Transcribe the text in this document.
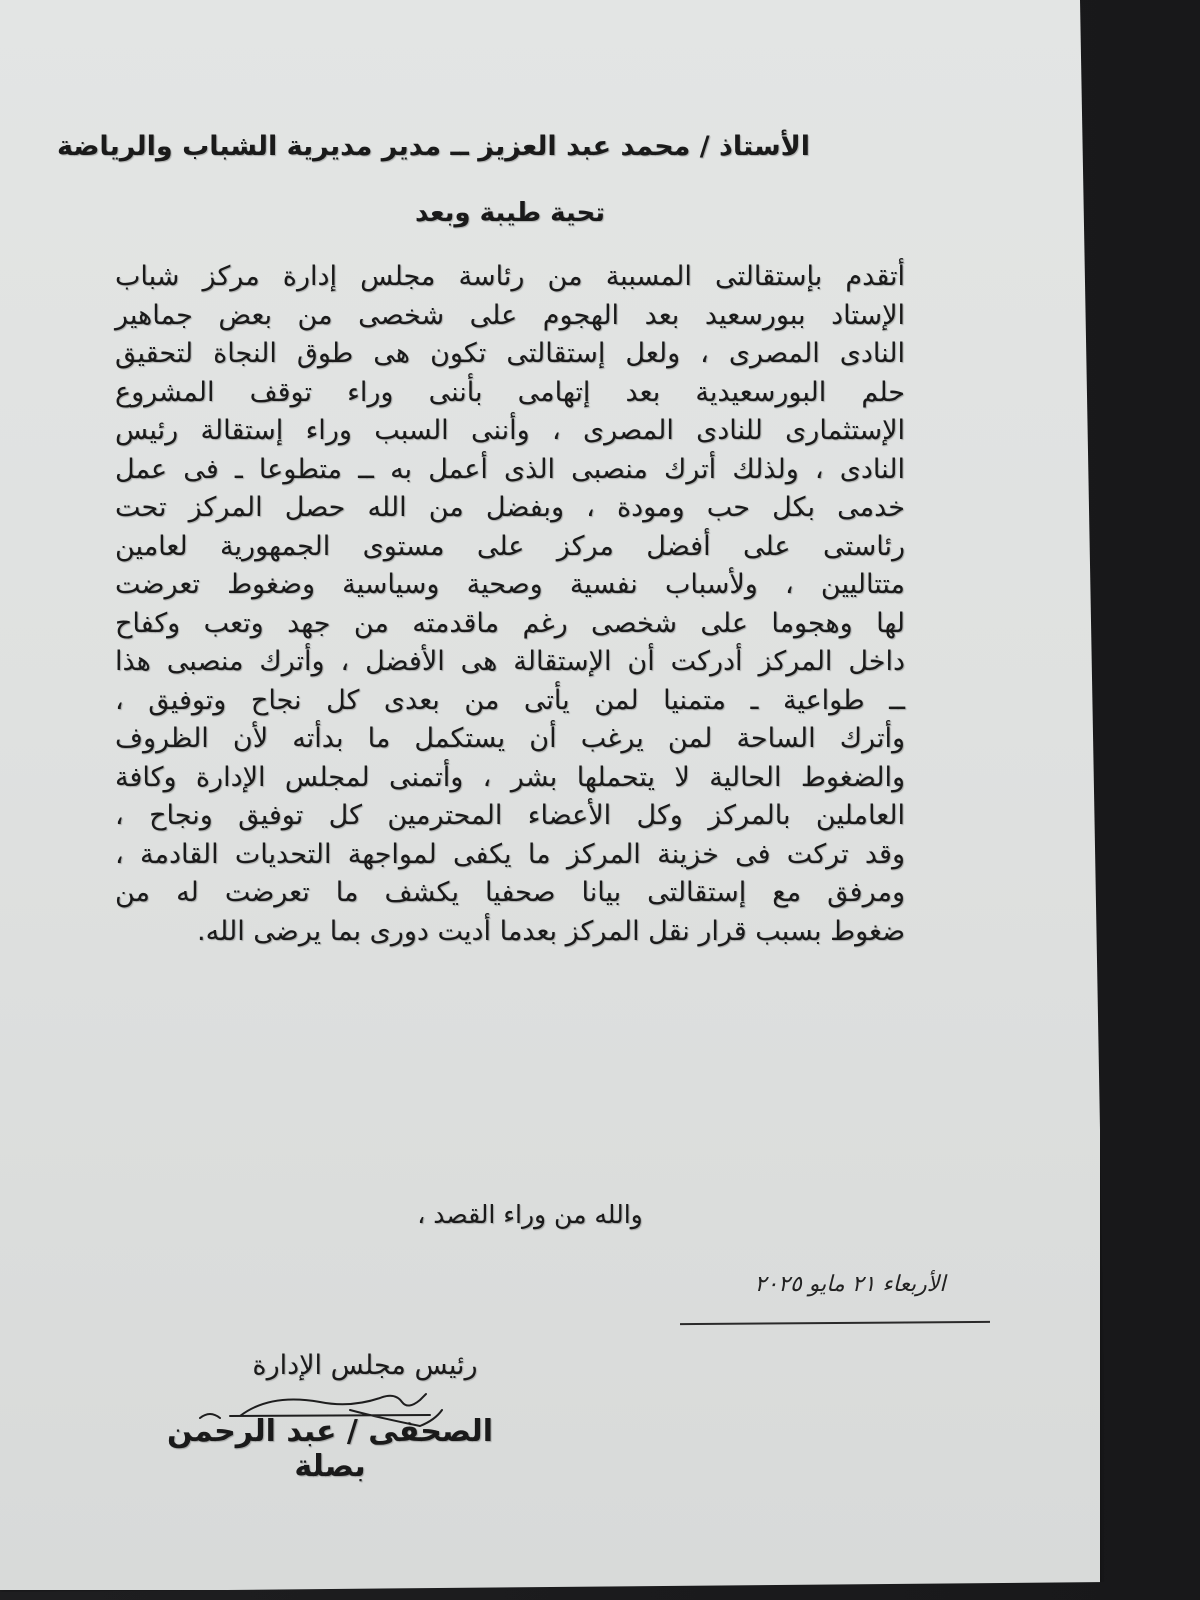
الأستاذ / محمد عبد العزيز ــ مدير مديرية الشباب والرياضة
تحية طيبة وبعد
أتقدم بإستقالتى المسببة من رئاسة مجلس إدارة مركز شباب
الإستاد ببورسعيد بعد الهجوم على شخصى من بعض جماهير
النادى المصرى ، ولعل إستقالتى تكون هى طوق النجاة لتحقيق
حلم البورسعيدية بعد إتهامى بأننى وراء توقف المشروع
الإستثمارى للنادى المصرى ، وأننى السبب وراء إستقالة رئيس
النادى ، ولذلك أترك منصبى الذى أعمل به ــ متطوعا ـ فى عمل
خدمى بكل حب ومودة ، وبفضل من الله حصل المركز تحت
رئاستى على أفضل مركز على مستوى الجمهورية لعامين
متتاليين ، ولأسباب نفسية وصحية وسياسية وضغوط تعرضت
لها وهجوما على شخصى رغم ماقدمته من جهد وتعب وكفاح
داخل المركز أدركت أن الإستقالة هى الأفضل ، وأترك منصبى هذا
ــ طواعية ـ متمنيا لمن يأتى من بعدى كل نجاح وتوفيق ،
وأترك الساحة لمن يرغب أن يستكمل ما بدأته لأن الظروف
والضغوط الحالية لا يتحملها بشر ، وأتمنى لمجلس الإدارة وكافة
العاملين بالمركز وكل الأعضاء المحترمين كل توفيق ونجاح ،
وقد تركت فى خزينة المركز ما يكفى لمواجهة التحديات القادمة ،
ومرفق مع إستقالتى بيانا صحفيا يكشف ما تعرضت له من
ضغوط بسبب قرار نقل المركز بعدما أديت دورى بما يرضى الله.
والله من وراء القصد ،
الأربعاء ٢١ مايو ٢٠٢٥
رئيس مجلس الإدارة
الصحفى / عبد الرحمن بصلة
